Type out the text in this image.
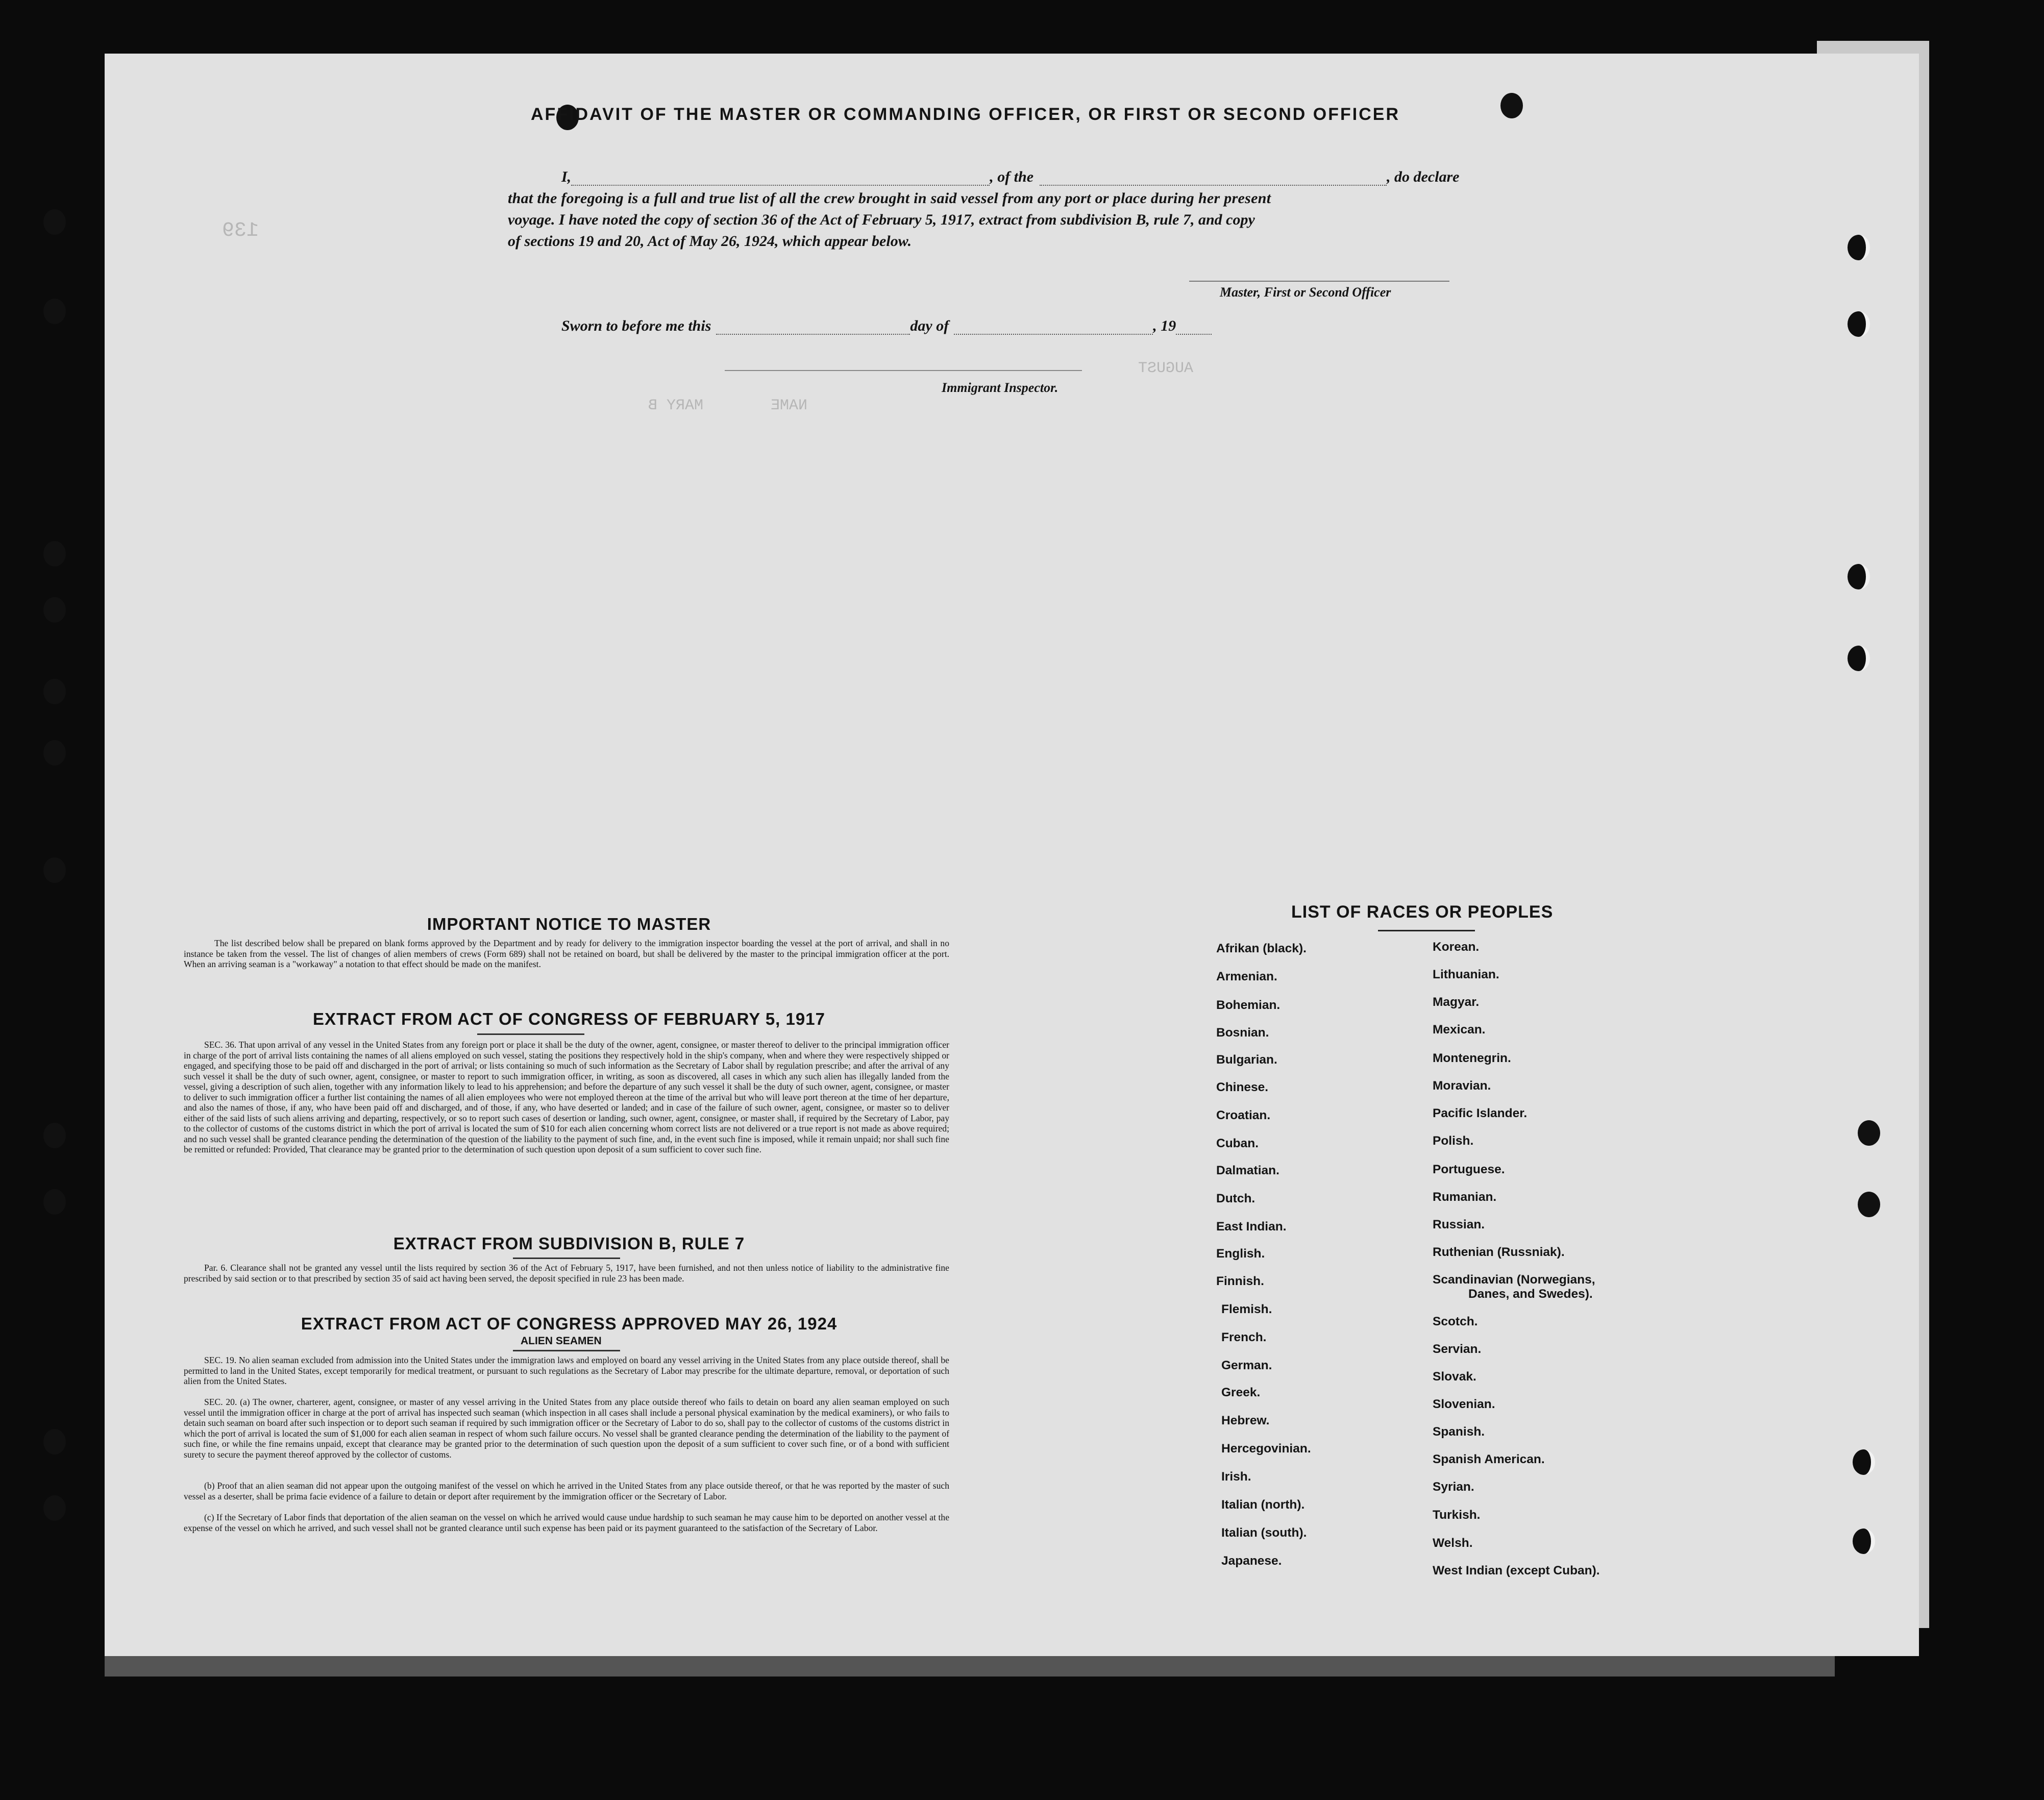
139
AUGUST
MARY B	NAME
AFFIDAVIT OF THE MASTER OR COMMANDING OFFICER, OR FIRST OR SECOND OFFICER
I,	, of the	, do declare
that the foregoing is a full and true list of all the crew brought in said vessel from any port or place during her present
voyage. I have noted the copy of section 36 of the Act of February 5, 1917, extract from subdivision B, rule 7, and copy
of sections 19 and 20, Act of May 26, 1924, which appear below.
Master, First or Second Officer
Sworn to before me this	day of	, 19
Immigrant Inspector.
IMPORTANT NOTICE TO MASTER
The list described below shall be prepared on blank forms approved by the Department and by ready for delivery to the immigration inspector boarding the vessel at the port of arrival, and shall in no instance be taken from the vessel. The list of changes of alien members of crews (Form 689) shall not be retained on board, but shall be delivered by the master to the principal immigration officer at the port. When an arriving seaman is a "workaway" a notation to that effect should be made on the manifest.
EXTRACT FROM ACT OF CONGRESS OF FEBRUARY 5, 1917
SEC. 36. That upon arrival of any vessel in the United States from any foreign port or place it shall be the duty of the owner, agent, consignee, or master thereof to deliver to the principal immigration officer in charge of the port of arrival lists containing the names of all aliens employed on such vessel, stating the positions they respectively hold in the ship's company, when and where they were respectively shipped or engaged, and specifying those to be paid off and discharged in the port of arrival; or lists containing so much of such information as the Secretary of Labor shall by regulation prescribe; and after the arrival of any such vessel it shall be the duty of such owner, agent, consignee, or master to report to such immigration officer, in writing, as soon as discovered, all cases in which any such alien has illegally landed from the vessel, giving a description of such alien, together with any information likely to lead to his apprehension; and before the departure of any such vessel it shall be the duty of such owner, agent, consignee, or master to deliver to such immigration officer a further list containing the names of all alien employees who were not employed thereon at the time of the arrival but who will leave port thereon at the time of her departure, and also the names of those, if any, who have been paid off and discharged, and of those, if any, who have deserted or landed; and in case of the failure of such owner, agent, consignee, or master so to deliver either of the said lists of such aliens arriving and departing, respectively, or so to report such cases of desertion or landing, such owner, agent, consignee, or master shall, if required by the Secretary of Labor, pay to the collector of customs of the customs district in which the port of arrival is located the sum of $10 for each alien concerning whom correct lists are not delivered or a true report is not made as above required; and no such vessel shall be granted clearance pending the determination of the question of the liability to the payment of such fine, and, in the event such fine is imposed, while it remain unpaid; nor shall such fine be remitted or refunded: Provided, That clearance may be granted prior to the determination of such question upon deposit of a sum sufficient to cover such fine.
EXTRACT FROM SUBDIVISION B, RULE 7
Par. 6. Clearance shall not be granted any vessel until the lists required by section 36 of the Act of February 5, 1917, have been furnished, and not then unless notice of liability to the administrative fine prescribed by said section or to that prescribed by section 35 of said act having been served, the deposit specified in rule 23 has been made.
EXTRACT FROM ACT OF CONGRESS APPROVED MAY 26, 1924
ALIEN SEAMEN
SEC. 19. No alien seaman excluded from admission into the United States under the immigration laws and employed on board any vessel arriving in the United States from any place outside thereof, shall be permitted to land in the United States, except temporarily for medical treatment, or pursuant to such regulations as the Secretary of Labor may prescribe for the ultimate departure, removal, or deportation of such alien from the United States.
SEC. 20. (a) The owner, charterer, agent, consignee, or master of any vessel arriving in the United States from any place outside thereof who fails to detain on board any alien seaman employed on such vessel until the immigration officer in charge at the port of arrival has inspected such seaman (which inspection in all cases shall include a personal physical examination by the medical examiners), or who fails to detain such seaman on board after such inspection or to deport such seaman if required by such immigration officer or the Secretary of Labor to do so, shall pay to the collector of customs of the customs district in which the port of arrival is located the sum of $1,000 for each alien seaman in respect of whom such failure occurs. No vessel shall be granted clearance pending the determination of the liability to the payment of such fine, or while the fine remains unpaid, except that clearance may be granted prior to the determination of such question upon the deposit of a sum sufficient to cover such fine, or of a bond with sufficient surety to secure the payment thereof approved by the collector of customs.
(b) Proof that an alien seaman did not appear upon the outgoing manifest of the vessel on which he arrived in the United States from any place outside thereof, or that he was reported by the master of such vessel as a deserter, shall be prima facie evidence of a failure to detain or deport after requirement by the immigration officer or the Secretary of Labor.
(c) If the Secretary of Labor finds that deportation of the alien seaman on the vessel on which he arrived would cause undue hardship to such seaman he may cause him to be deported on another vessel at the expense of the vessel on which he arrived, and such vessel shall not be granted clearance until such expense has been paid or its payment guaranteed to the satisfaction of the Secretary of Labor.
LIST OF RACES OR PEOPLES
Afrikan (black).
Armenian.
Bohemian.
Bosnian.
Bulgarian.
Chinese.
Croatian.
Cuban.
Dalmatian.
Dutch.
East Indian.
English.
Finnish.
Flemish.
French.
German.
Greek.
Hebrew.
Hercegovinian.
Irish.
Italian (north).
Italian (south).
Japanese.
Korean.
Lithuanian.
Magyar.
Mexican.
Montenegrin.
Moravian.
Pacific Islander.
Polish.
Portuguese.
Rumanian.
Russian.
Ruthenian (Russniak).
Scandinavian (Norwegians,
Danes, and Swedes).
Scotch.
Servian.
Slovak.
Slovenian.
Spanish.
Spanish American.
Syrian.
Turkish.
Welsh.
West Indian (except Cuban).
